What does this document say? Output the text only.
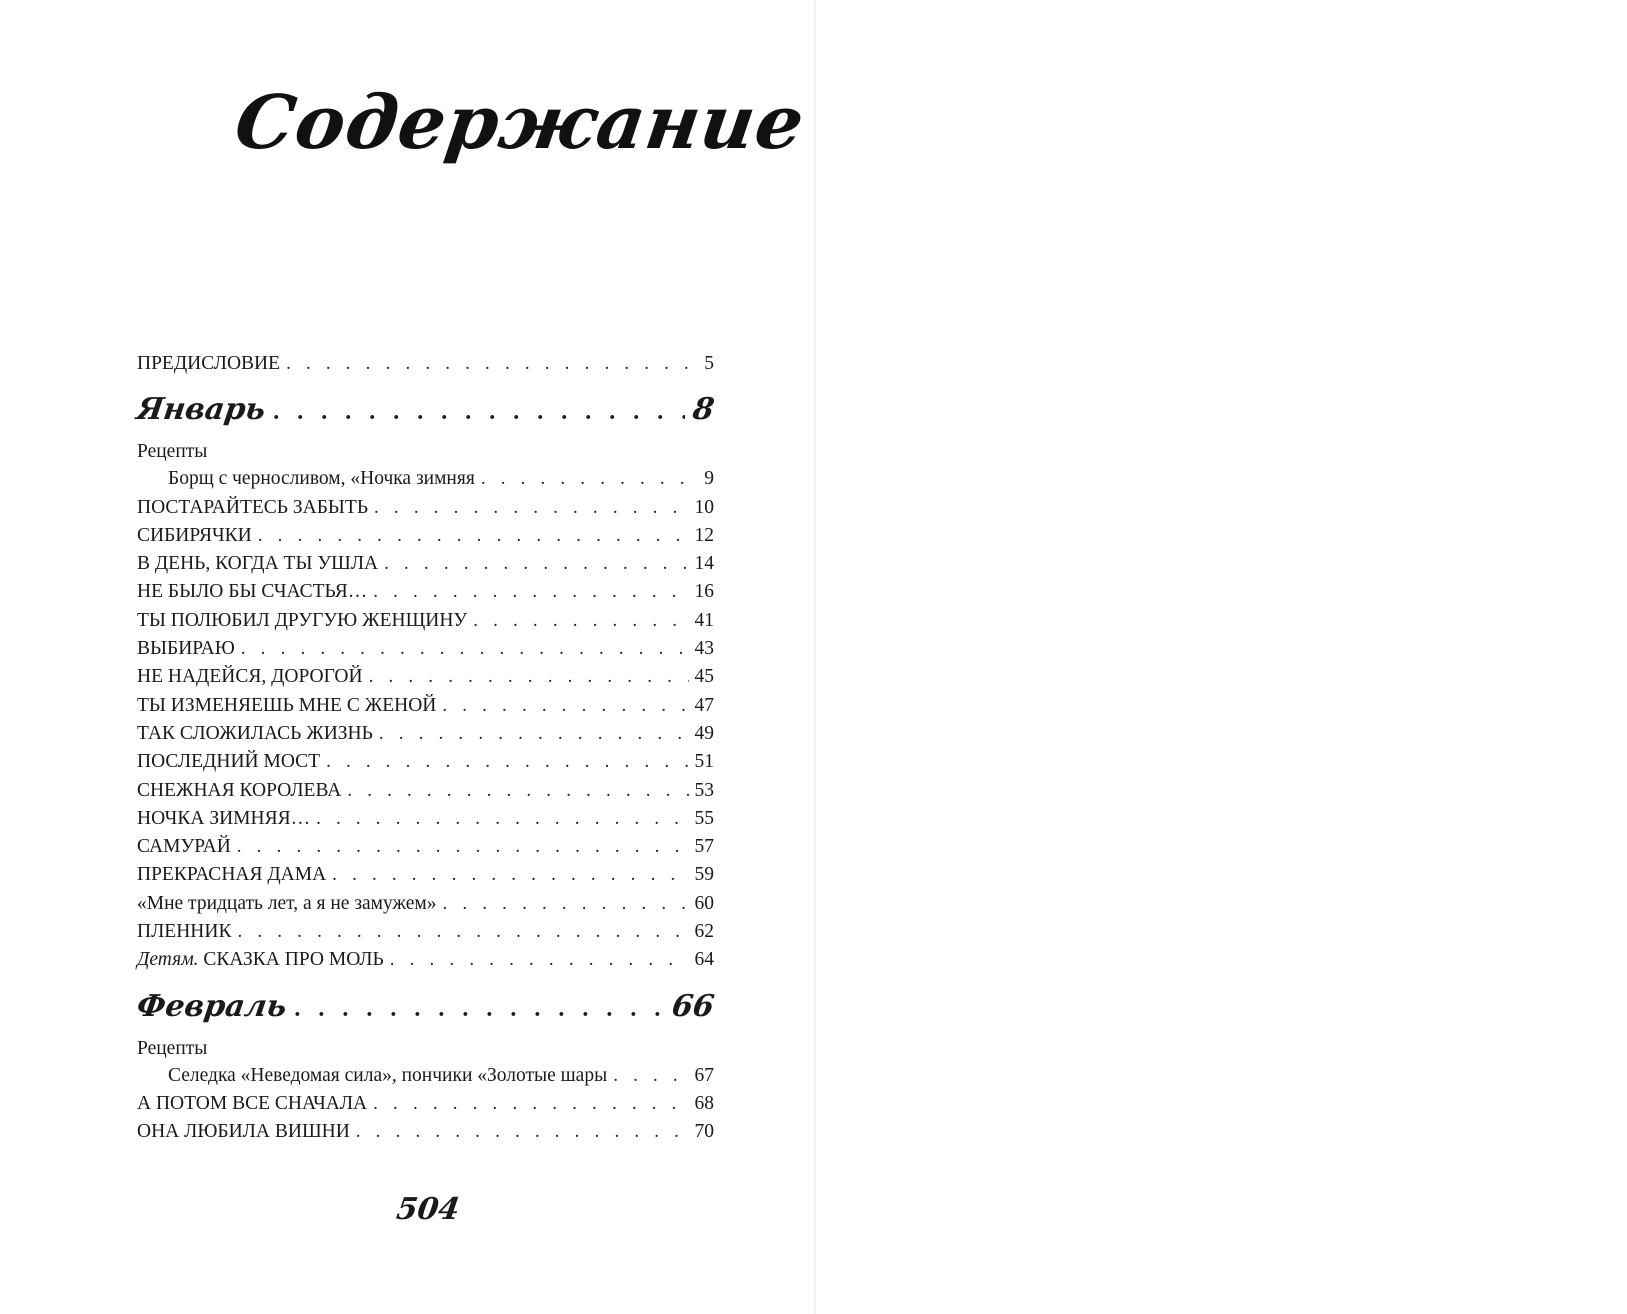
Содержание
ПРЕДИСЛОВИЕ . . .	5
Январь . . .	8
Рецепты
Борщ с черносливом, «Ночка зимняя . . .	9
ПОСТАРАЙТЕСЬ ЗАБЫТЬ . . .	10
СИБИРЯЧКИ . . .	12
В ДЕНЬ, КОГДА ТЫ УШЛА . . .	14
НЕ БЫЛО БЫ СЧАСТЬЯ… . . .	16
ТЫ ПОЛЮБИЛ ДРУГУЮ ЖЕНЩИНУ . . .	41
ВЫБИРАЮ . . .	43
НЕ НАДЕЙСЯ, ДОРОГОЙ . . .	45
ТЫ ИЗМЕНЯЕШЬ МНЕ С ЖЕНОЙ . . .	47
ТАК СЛОЖИЛАСЬ ЖИЗНЬ . . .	49
ПОСЛЕДНИЙ МОСТ . . .	51
СНЕЖНАЯ КОРОЛЕВА . . .	53
НОЧКА ЗИМНЯЯ… . . .	55
САМУРАЙ . . .	57
ПРЕКРАСНАЯ ДАМА . . .	59
«Мне тридцать лет, а я не замужем» . . .	60
ПЛЕННИК . . .	62
Детям. СКАЗКА ПРО МОЛЬ . . .	64
Февраль . . .	66
Рецепты
Селедка «Неведомая сила», пончики «Золотые шары . . .	67
А ПОТОМ ВСЕ СНАЧАЛА . . .	68
ОНА ЛЮБИЛА ВИШНИ . . .	70
504
